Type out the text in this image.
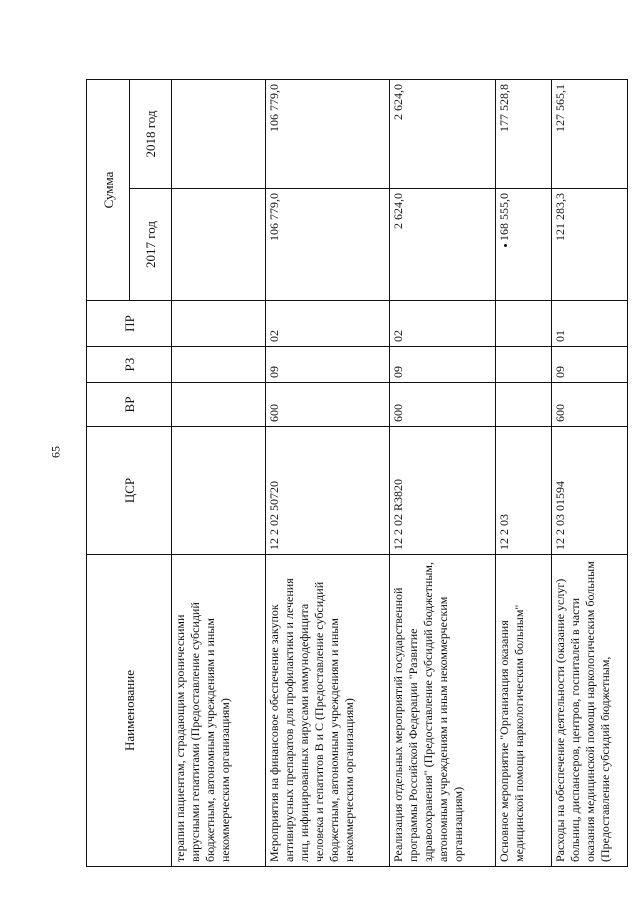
65
Наименование	ЦСР	ВР	РЗ	ПР	Сумма	
					2017 год	2018 год
терапии пациентам, страдающим хроническими вирусными гепатитами (Предоставление субсидий бюджетным, автономным учреждениям и иным некоммерческим организациям)						
Мероприятия на финансовое обеспечение закупок антивирусных препаратов для профилактики и лечения лиц, инфицированных вирусами иммунодефицита человека и гепатитов В и С (Предоставление субсидий бюджетным, автономным учреждениям и иным некоммерческим организациям)	12 2 02 50720	600	09	02	106 779,0	106 779,0
Реализация отдельных мероприятий государственной программы Российской Федерации "Развитие здравоохранения" (Предоставление субсидий бюджетным, автономным учреждениям и иным некоммерческим организациям)	12 2 02 R3820	600	09	02	2 624,0	2 624,0
Основное мероприятие "Организация оказания медицинской помощи наркологическим больным"	12 2 03				168 555,0	177 528,8
Расходы на обеспечение деятельности (оказание услуг) больниц, диспансеров, центров, госпиталей в части оказания медицинской помощи наркологическим больным (Предоставление субсидий бюджетным,	12 2 03 01594	600	09	01	121 283,3	127 565,1
